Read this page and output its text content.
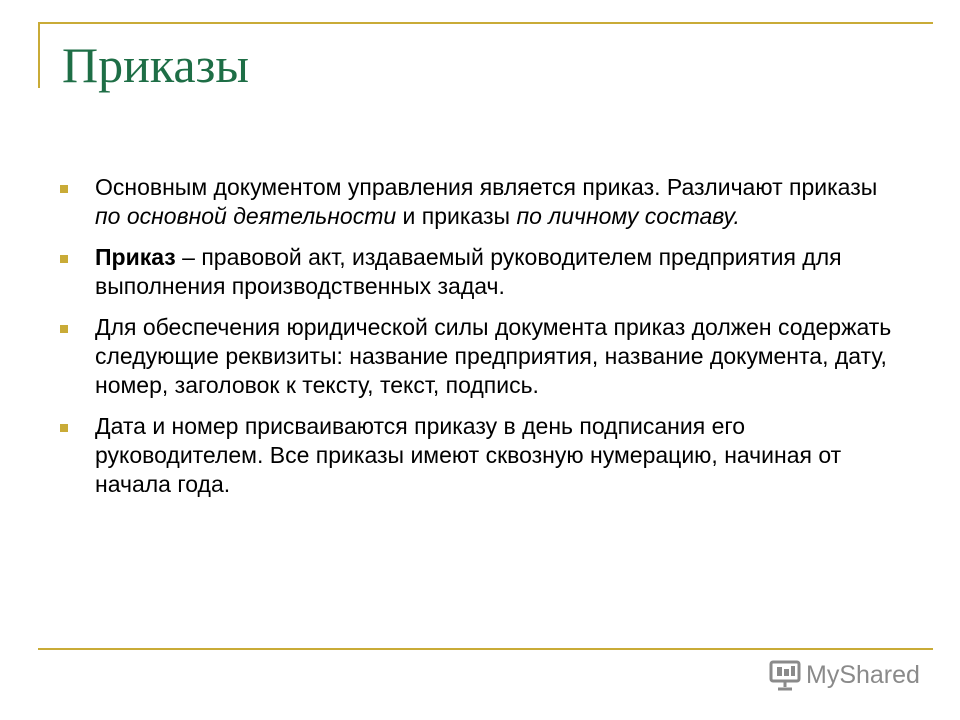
Приказы
Основным документом управления является приказ. Различают приказы по основной деятельности и приказы по личному составу.
Приказ – правовой акт, издаваемый руководителем предприятия для выполнения производственных задач.
Для обеспечения юридической силы документа приказ должен содержать следующие реквизиты: название предприятия, название документа, дату, номер, заголовок к тексту, текст, подпись.
Дата и номер присваиваются приказу в день подписания его руководителем. Все приказы имеют сквозную нумерацию, начиная от начала года.
MyShared
